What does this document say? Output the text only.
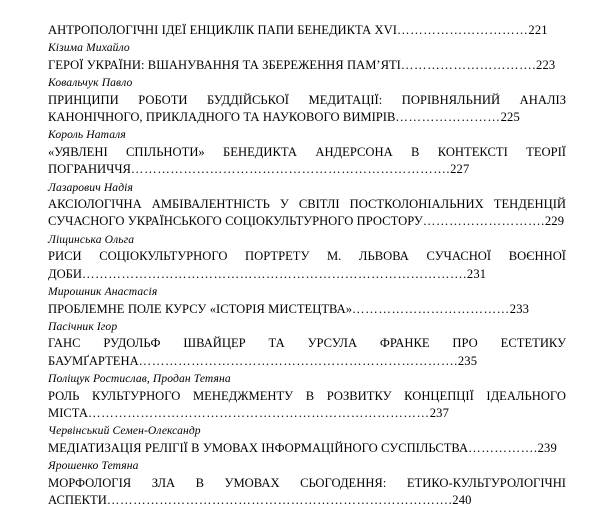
АНТРОПОЛОГІЧНІ ІДЕЇ ЕНЦИКЛІК ПАПИ БЕНЕДИКТА XVI…………………………221
Кізима Михайло
ГЕРОЇ УКРАЇНИ: ВШАНУВАННЯ ТА ЗБЕРЕЖЕННЯ ПАМ’ЯТІ………………………….223
Ковальчук Павло
ПРИНЦИПИ РОБОТИ БУДДІЙСЬКОЇ МЕДИТАЦІЇ: ПОРІВНЯЛЬНИЙ АНАЛІЗ КАНОНІЧНОГО, ПРИКЛАДНОГО ТА НАУКОВОГО ВИМІРІВ……………………225
Король Наталя
«УЯВЛЕНІ СПІЛЬНОТИ» БЕНЕДИКТА АНДЕРСОНА В КОНТЕКСТІ ТЕОРІЇ ПОГРАНИЧЧЯ……………………………………………………………….227
Лазарович Надія
АКСІОЛОГІЧНА АМБІВАЛЕНТНІСТЬ У СВІТЛІ ПОСТКОЛОНІАЛЬНИХ ТЕНДЕНЦІЙ СУЧАСНОГО УКРАЇНСЬКОГО СОЦІОКУЛЬТУРНОГО ПРОСТОРУ……………………….229
Ліщинська Ольга
РИСИ СОЦІОКУЛЬТУРНОГО ПОРТРЕТУ М. ЛЬВОВА СУЧАСНОЇ ВОЄННОЇ ДОБИ…………………………………………………………………………….231
Мирошник Анастасія
ПРОБЛЕМНЕ ПОЛЕ КУРСУ «ІСТОРІЯ МИСТЕЦТВА»………………………………233
Пасічник Ігор
ГАНС РУДОЛЬФ ШВАЙЦЕР ТА УРСУЛА ФРАНКЕ ПРО ЕСТЕТИКУ БАУМҐАРТЕНА……………………………………………………………….235
Поліщук Ростислав, Продан Тетяна
РОЛЬ КУЛЬТУРНОГО МЕНЕДЖМЕНТУ В РОЗВИТКУ КОНЦЕПЦІЇ ІДЕАЛЬНОГО МІСТА……………………………………………………………………237
Червінський Семен-Олександр
МЕДІАТИЗАЦІЯ РЕЛІГІЇ В УМОВАХ ІНФОРМАЦІЙНОГО СУСПІЛЬСТВА…………….239
Ярошенко Тетяна
МОРФОЛОГІЯ ЗЛА В УМОВАХ СЬОГОДЕННЯ: ЕТИКО-КУЛЬТУРОЛОГІЧНІ АСПЕКТИ…………………………………………………………………….240
